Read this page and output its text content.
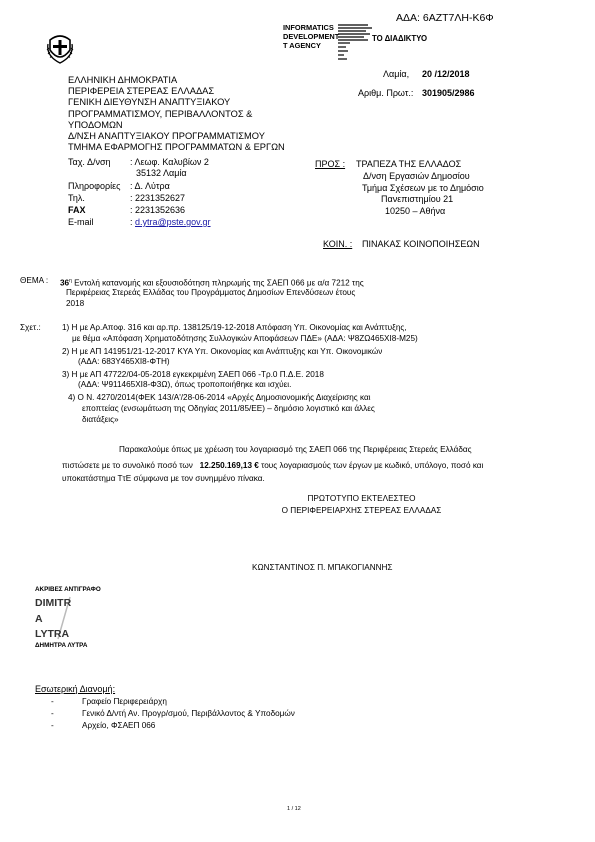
ΑΔΑ: 6ΑΖΤ7ΛΗ-Κ6Φ
INFORMATICS
DEVELOPMENT
T AGENCY
ΤΟ ΔΙΑΔΙΚΤΥΟ
ΕΛΛΗΝΙΚΗ ΔΗΜΟΚΡΑΤΙΑ
ΠΕΡΙΦΕΡΕΙΑ ΣΤΕΡΕΑΣ ΕΛΛΑΔΑΣ
ΓΕΝΙΚΗ ΔΙΕΥΘΥΝΣΗ ΑΝΑΠΤΥΞΙΑΚΟΥ
ΠΡΟΓΡΑΜΜΑΤΙΣΜΟΥ, ΠΕΡΙΒΑΛΛΟΝΤΟΣ &
ΥΠΟΔΟΜΩΝ
Δ/ΝΣΗ ΑΝΑΠΤΥΞΙΑΚΟΥ ΠΡΟΓΡΑΜΜΑΤΙΣΜΟΥ
ΤΜΗΜΑ ΕΦΑΡΜΟΓΗΣ ΠΡΟΓΡΑΜΜΑΤΩΝ & ΕΡΓΩΝ
Ταχ. Δ/νση : Λεωφ. Καλυβίων 2
35132 Λαμία
Πληροφορίες : Δ. Λύτρα
Τηλ.	: 2231352627
FAX	: 2231352636
E-mail	: d.ytra@pste.gov.gr
Λαμία, 20 /12/2018
Αριθμ. Πρωτ.: 301905/2986
ΠΡΟΣ : ΤΡΑΠΕΖΑ ΤΗΣ ΕΛΛΑΔΟΣ
Δ/νση Εργασιών Δημοσίου
Τμήμα Σχέσεων με το Δημόσιο
Πανεπιστημίου 21
10250 – Αθήνα
ΚΟΙΝ. : ΠΙΝΑΚΑΣ ΚΟΙΝΟΠΟΙΗΣΕΩΝ
ΘΕΜΑ : $36^\eta$ Εντολή κατανομής και εξουσιοδότηση πληρωμής της ΣΑΕΠ 066 με α/α 7212 της
Περιφέρειας Στερεάς Ελλάδας του Προγράμματος Δημοσίων Επενδύσεων έτους
2018
Σχετ.:	1) Η με Αρ.Αποφ. 316 και αρ.πρ. 138125/19-12-2018 Απόφαση Υπ. Οικονομίας και Ανάπτυξης,
με θέμα «Απόφαση Χρηματοδότησης Συλλογικών Αποφάσεων ΠΔΕ» (ΑΔΑ: Ψ8ΖΩ465ΧΙ8-Μ25)
2) Η με ΑΠ 141951/21-12-2017 ΚΥΑ Υπ. Οικονομίας και Ανάπτυξης και Υπ. Οικονομικών
(ΑΔΑ: 683Υ465ΧΙ8-ΦΤΗ)
3) Η με ΑΠ 47722/04-05-2018 εγκεκριμένη ΣΑΕΠ 066 -Τρ.0 Π.Δ.Ε. 2018
(ΑΔΑ: Ψ911465ΧΙ8-Φ3Ω), όπως τροποποιήθηκε και ισχύει.
4) Ο Ν. 4270/2014(ΦΕΚ 143/Α'/28-06-2014 «Αρχές Δημοσιονομικής Διαχείρισης και
εποπτείας (ενσωμάτωση της Οδηγίας 2011/85/ΕΕ) – δημόσιο λογιστικό και άλλες
διατάξεις»
Παρακαλούμε όπως με χρέωση του λογαριασμό της ΣΑΕΠ 066 της Περιφέρειας Στερεάς Ελλάδας
πιστώσετε με το συνολικό ποσό των 12.250.169,13 € τους λογαριασμούς των έργων με κωδικό, υπόλογο, ποσό και
υποκατάστημα ΤτΕ σύμφωνα με τον συνημμένο πίνακα.
ΠΡΩΤΟΤΥΠΟ ΕΚΤΕΛΕΣΤΕΟ
Ο ΠΕΡΙΦΕΡΕΙΑΡΧΗΣ ΣΤΕΡΕΑΣ ΕΛΛΑΔΑΣ
ΚΩΝΣΤΑΝΤΙΝΟΣ Π. ΜΠΑΚΟΓΙΑΝΝΗΣ
ΑΚΡΙΒΕΣ ΑΝΤΙΓΡΑΦΟ
DIMITR
A
LYTRA
ΔΗΜΗΤΡΑ ΛΥΤΡΑ
Εσωτερική Διανομή:
-	Γραφείο Περιφερειάρχη
-	Γενικό Δ/ντή Αν. Προγρ/σμού, Περιβάλλοντος & Υποδομών
-	Αρχείο, ΦΣΑΕΠ 066
1 / 12
